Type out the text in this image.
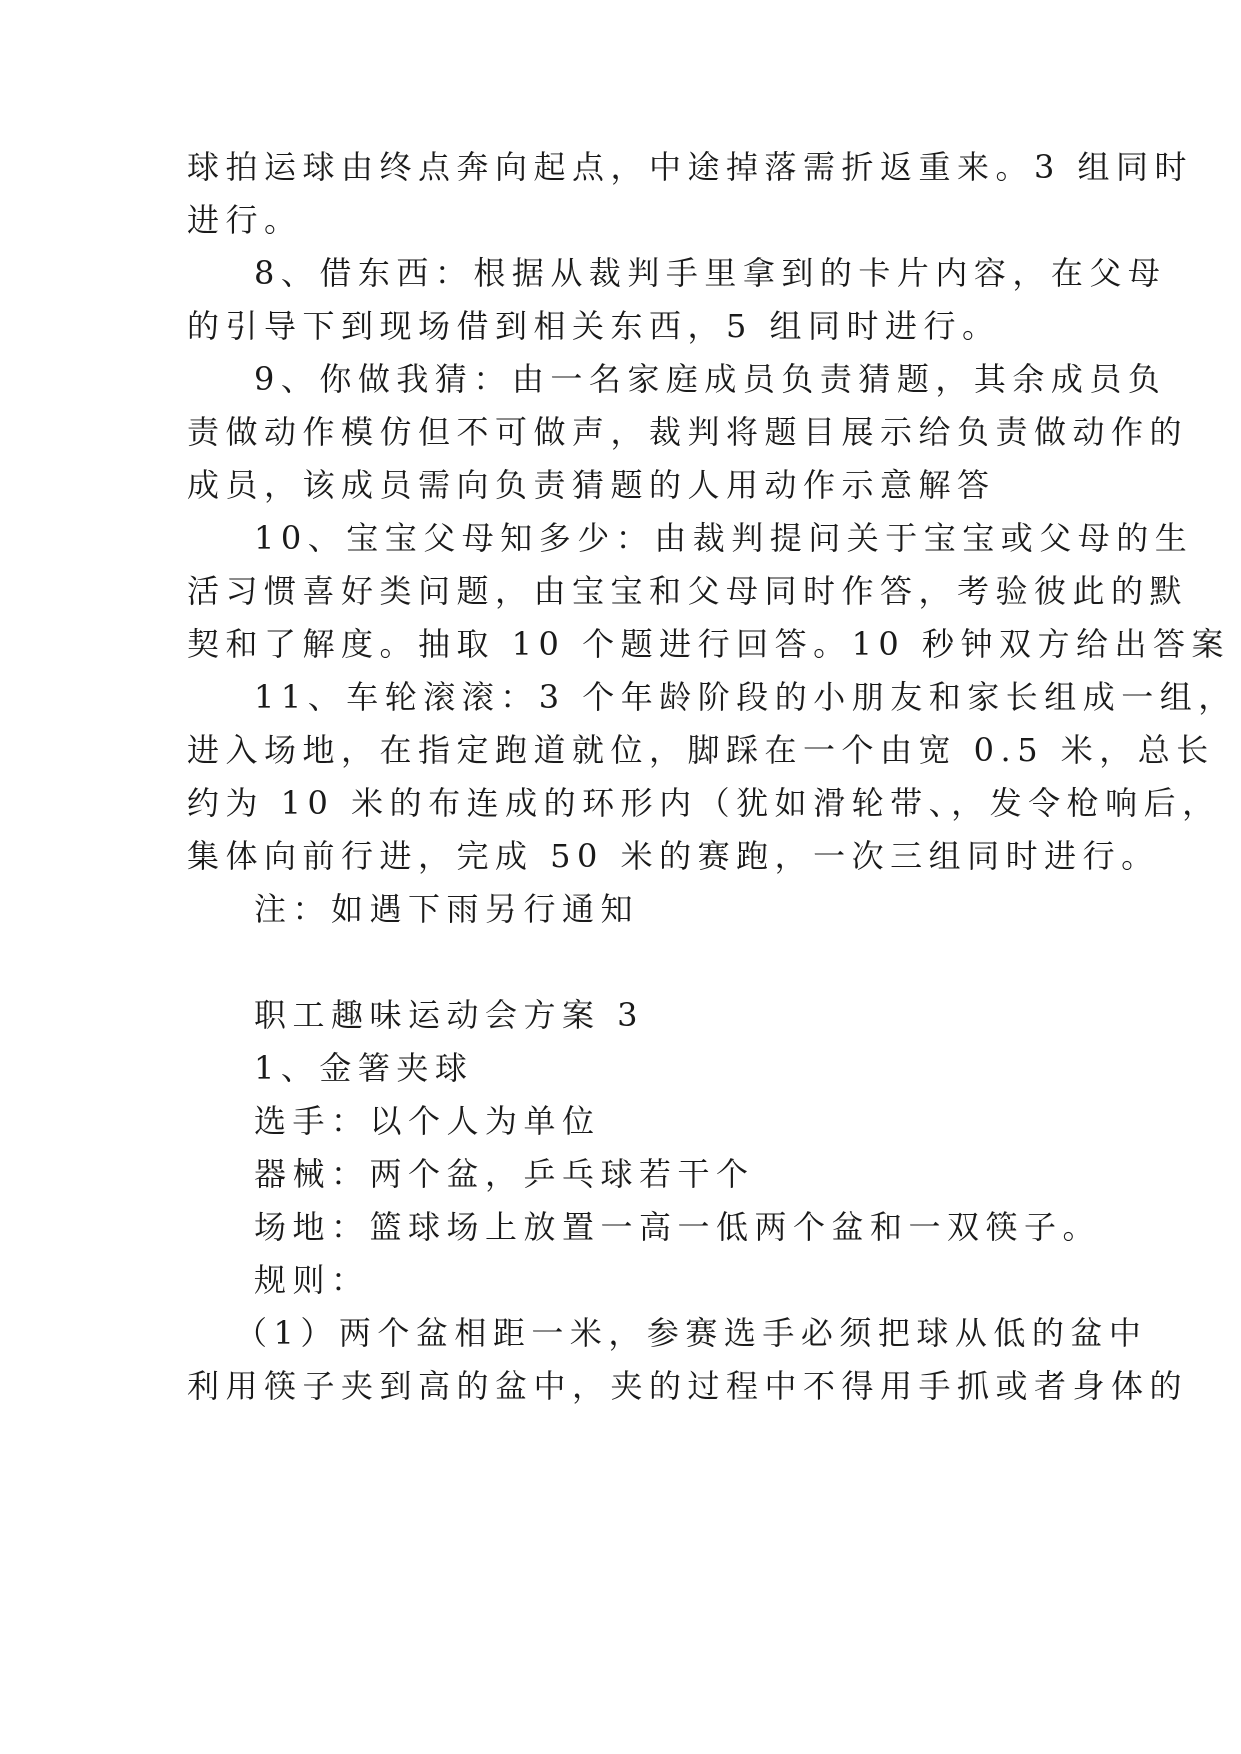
球拍运球由终点奔向起点，中途掉落需折返重来。3 组同时
进行。
8、借东西：根据从裁判手里拿到的卡片内容，在父母
的引导下到现场借到相关东西，5 组同时进行。
9、你做我猜：由一名家庭成员负责猜题，其余成员负
责做动作模仿但不可做声，裁判将题目展示给负责做动作的
成员，该成员需向负责猜题的人用动作示意解答
10、宝宝父母知多少：由裁判提问关于宝宝或父母的生
活习惯喜好类问题，由宝宝和父母同时作答，考验彼此的默
契和了解度。抽取 10 个题进行回答。10 秒钟双方给出答案
11、车轮滚滚：3 个年龄阶段的小朋友和家长组成一组，
进入场地，在指定跑道就位，脚踩在一个由宽 0.5 米，总长
约为 10 米的布连成的环形内（犹如滑轮带、，发令枪响后，
集体向前行进，完成 50 米的赛跑，一次三组同时进行。
注：如遇下雨另行通知
职工趣味运动会方案 3
1、金箸夹球
选手：以个人为单位
器械：两个盆，乒乓球若干个
场地：篮球场上放置一高一低两个盆和一双筷子。
规则：
（1）两个盆相距一米，参赛选手必须把球从低的盆中
利用筷子夹到高的盆中，夹的过程中不得用手抓或者身体的
